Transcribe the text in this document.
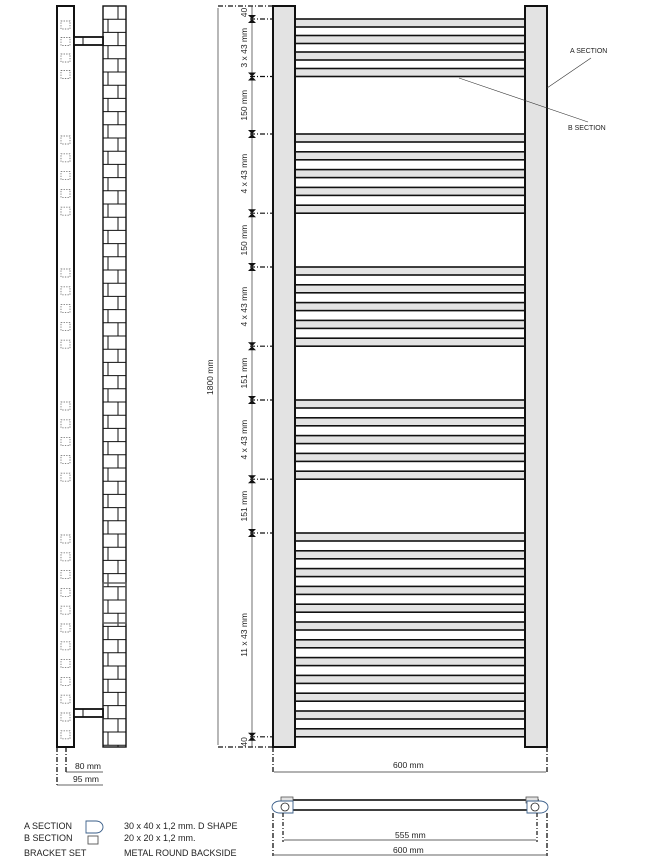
80 mm
95 mm
1800 mm
40
3 x 43 mm
150 mm
4 x 43 mm
150 mm
4 x 43 mm
151 mm
4 x 43 mm
151 mm
11 x 43 mm
40
600 mm
A SECTION
B SECTION
555 mm
600 mm
A SECTION	30 x 40 x 1,2 mm. D SHAPE
B SECTION	20 x 20 x 1,2 mm.
BRACKET SET	METAL ROUND BACKSIDE
